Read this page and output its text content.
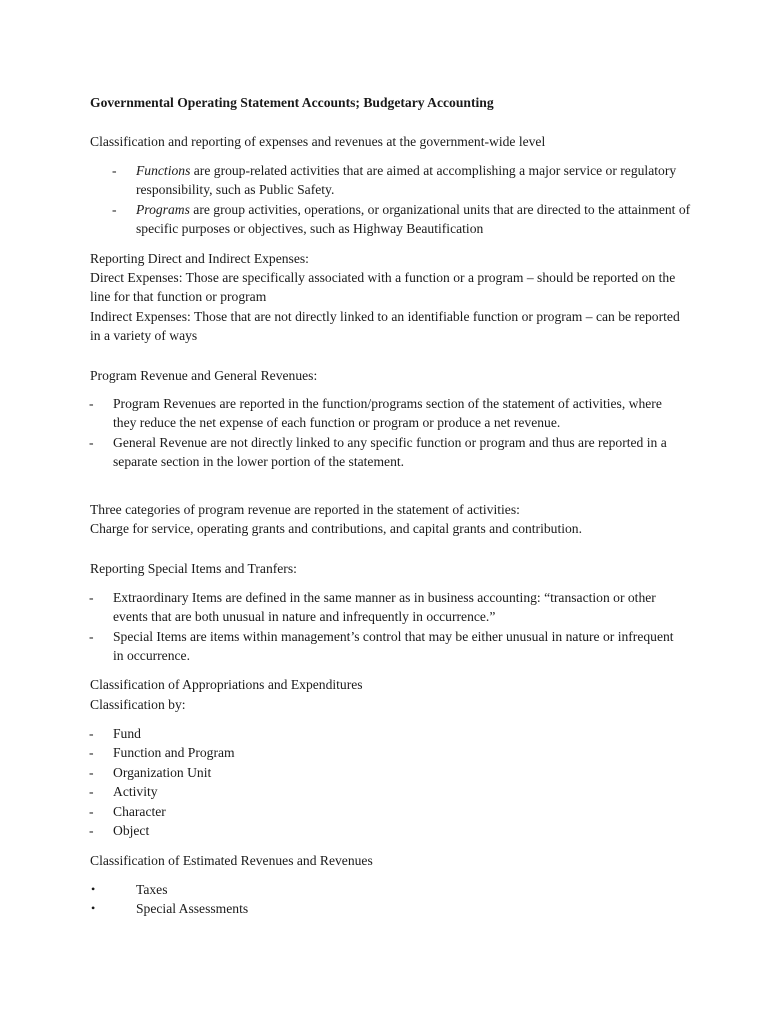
Governmental Operating Statement Accounts; Budgetary Accounting

Classification and reporting of expenses and revenues at the government-wide level

- Functions are group-related activities that are aimed at accomplishing a major service or regulatory responsibility, such as Public Safety.
- Programs are group activities, operations, or organizational units that are directed to the attainment of specific purposes or objectives, such as Highway Beautification

Reporting Direct and Indirect Expenses:

Direct Expenses: Those are specifically associated with a function or a program – should be reported on the line for that function or program

Indirect Expenses: Those that are not directly linked to an identifiable function or program – can be reported in a variety of ways

Program Revenue and General Revenues:

- Program Revenues are reported in the function/programs section of the statement of activities, where they reduce the net expense of each function or program or produce a net revenue.
- General Revenue are not directly linked to any specific function or program and thus are reported in a separate section in the lower portion of the statement.

Three categories of program revenue are reported in the statement of activities:

Charge for service, operating grants and contributions, and capital grants and contribution.

Reporting Special Items and Tranfers:

- Extraordinary Items are defined in the same manner as in business accounting: “transaction or other events that are both unusual in nature and infrequently in occurrence.”
- Special Items are items within management’s control that may be either unusual in nature or infrequent in occurrence.

Classification of Appropriations and Expenditures

Classification by:

- Fund
- Function and Program
- Organization Unit
- Activity
- Character
- Object

Classification of Estimated Revenues and Revenues

•	Taxes
•	Special Assessments
